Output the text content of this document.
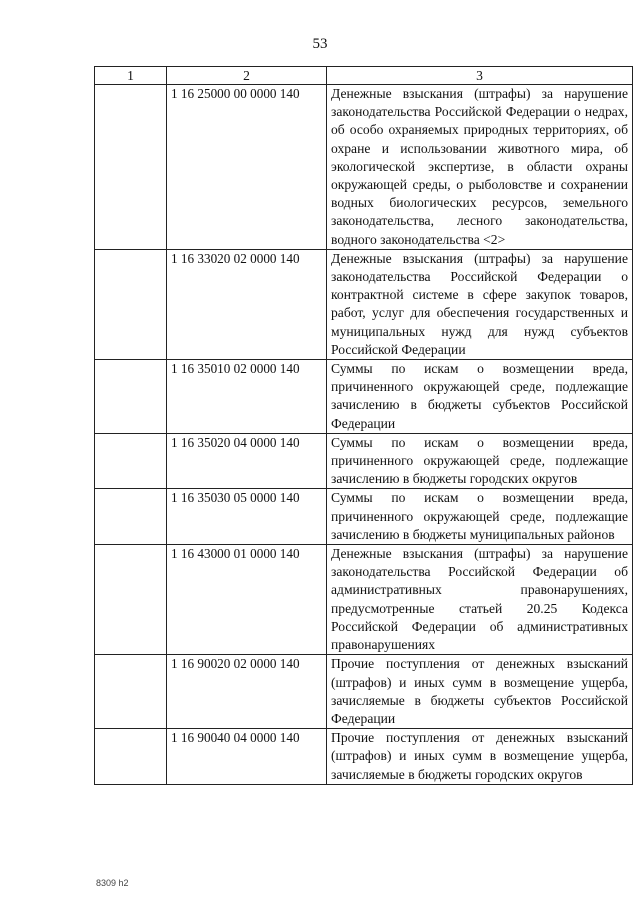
53
1	2	3
	1 16 25000 00 0000 140	Денежные взыскания (штрафы) за нарушение законодательства Российской Федерации о недрах, об особо охраняемых природных территориях, об охране и использовании животного мира, об экологической экспертизе, в области охраны окружающей среды, о рыболовстве и сохранении водных биологических ресурсов, земельного законодательства, лесного законодательства, водного законодательства <2>
	1 16 33020 02 0000 140	Денежные взыскания (штрафы) за нарушение законодательства Российской Федерации о контрактной системе в сфере закупок товаров, работ, услуг для обеспечения государственных и муниципальных нужд для нужд субъектов Российской Федерации
	1 16 35010 02 0000 140	Суммы по искам о возмещении вреда, причиненного окружающей среде, подлежащие зачислению в бюджеты субъектов Российской Федерации
	1 16 35020 04 0000 140	Суммы по искам о возмещении вреда, причиненного окружающей среде, подлежащие зачислению в бюджеты городских округов
	1 16 35030 05 0000 140	Суммы по искам о возмещении вреда, причиненного окружающей среде, подлежащие зачислению в бюджеты муниципальных районов
	1 16 43000 01 0000 140	Денежные взыскания (штрафы) за нарушение законодательства Российской Федерации об административных правонарушениях, предусмотренные статьей 20.25 Кодекса Российской Федерации об административных правонарушениях
	1 16 90020 02 0000 140	Прочие поступления от денежных взысканий (штрафов) и иных сумм в возмещение ущерба, зачисляемые в бюджеты субъектов Российской Федерации
	1 16 90040 04 0000 140	Прочие поступления от денежных взысканий (штрафов) и иных сумм в возмещение ущерба, зачисляемые в бюджеты городских округов
8309 h2
